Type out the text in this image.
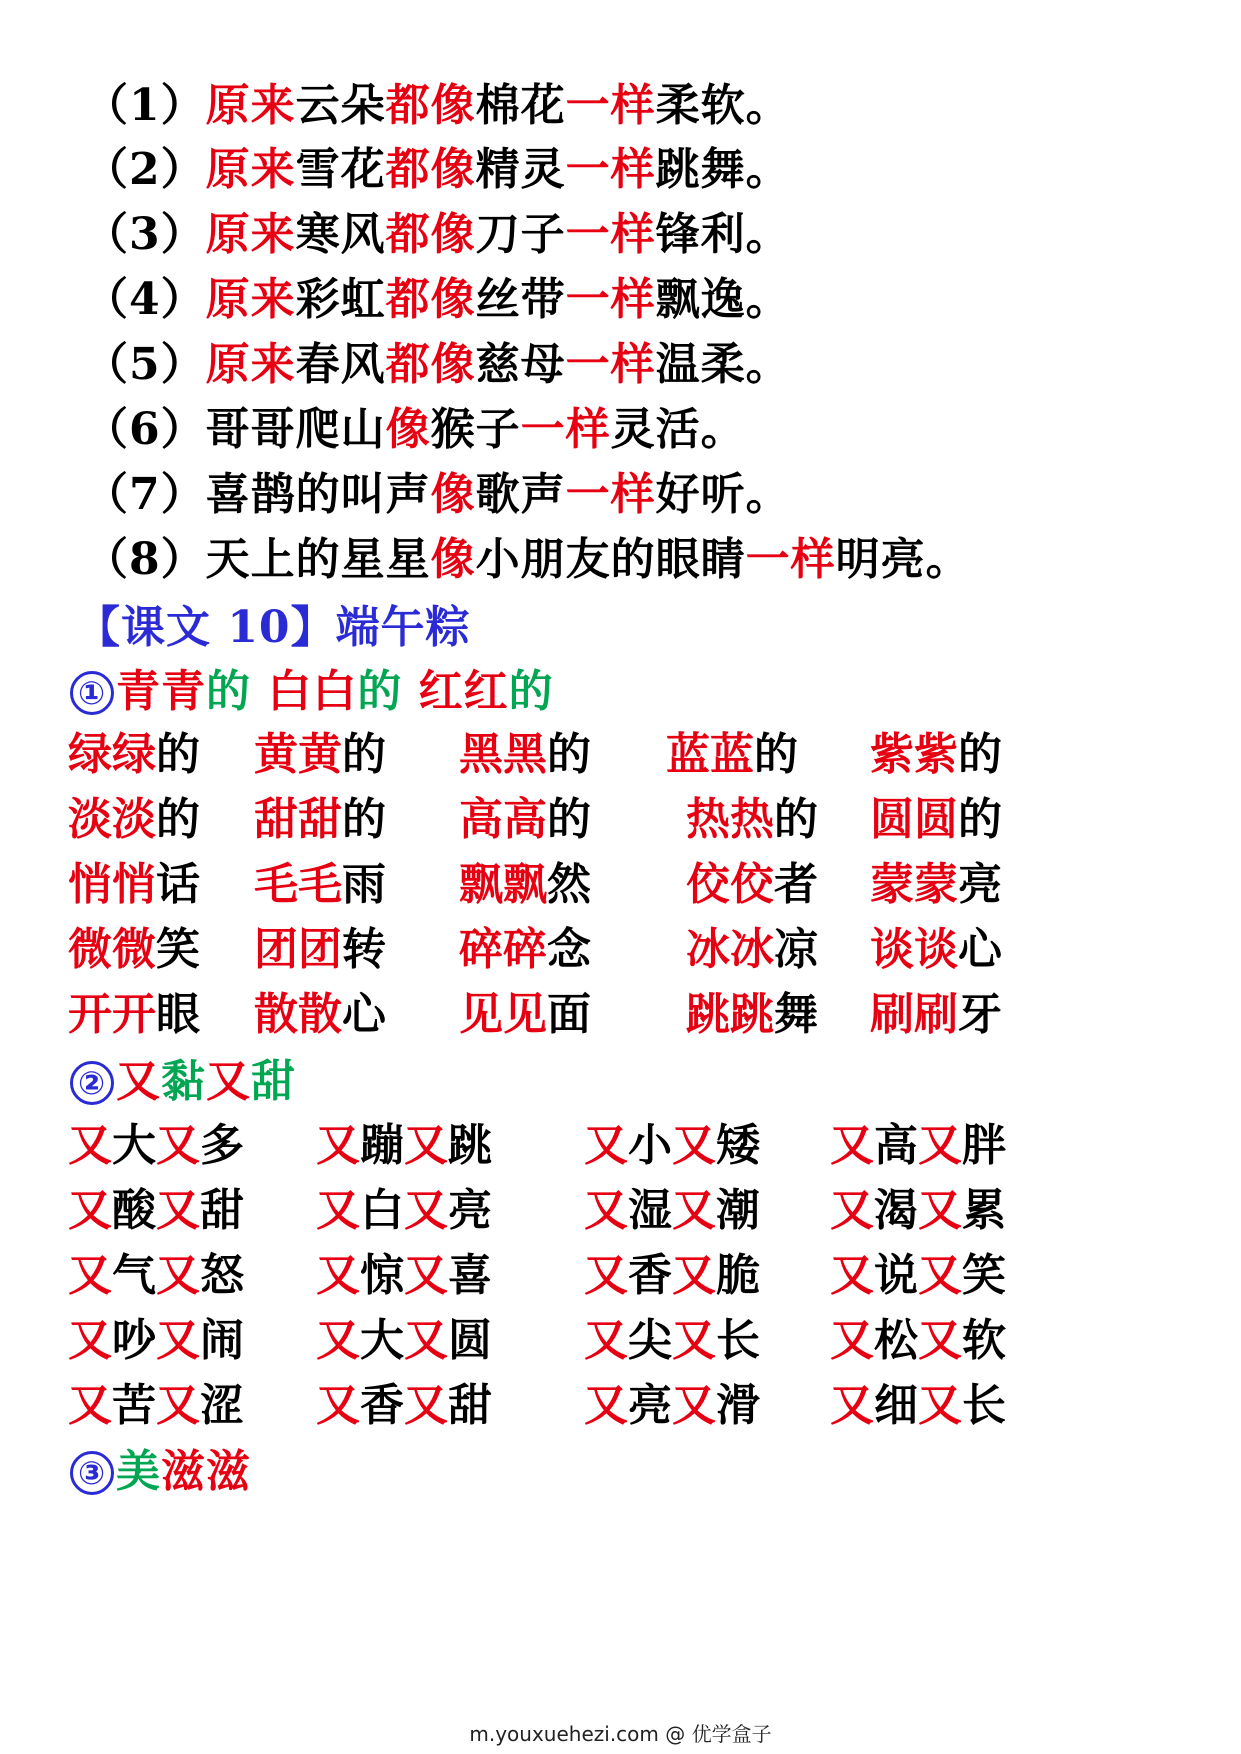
（1）原来云朵都像棉花一样柔软。
（2）原来雪花都像精灵一样跳舞。
（3）原来寒风都像刀子一样锋利。
（4）原来彩虹都像丝带一样飘逸。
（5）原来春风都像慈母一样温柔。
（6）哥哥爬山像猴子一样灵活。
（7）喜鹊的叫声像歌声一样好听。
（8）天上的星星像小朋友的眼睛一样明亮。
【课文 10】端午粽
① 青青的 白白的 红红的
绿绿的 黄黄的 黑黑的 蓝蓝的 紫紫的
淡淡的 甜甜的 高高的 热热的 圆圆的
悄悄话 毛毛雨 飘飘然 佼佼者 蒙蒙亮
微微笑 团团转 碎碎念 冰冰凉 谈谈心
开开眼 散散心 见见面 跳跳舞 刷刷牙
② 又黏又甜
又大又多 又蹦又跳 又小又矮 又高又胖
又酸又甜 又白又亮 又湿又潮 又渴又累
又气又怒 又惊又喜 又香又脆 又说又笑
又吵又闹 又大又圆 又尖又长 又松又软
又苦又涩 又香又甜 又亮又滑 又细又长
③ 美滋滋
m.youxuehezi.com @ 优学盒子
